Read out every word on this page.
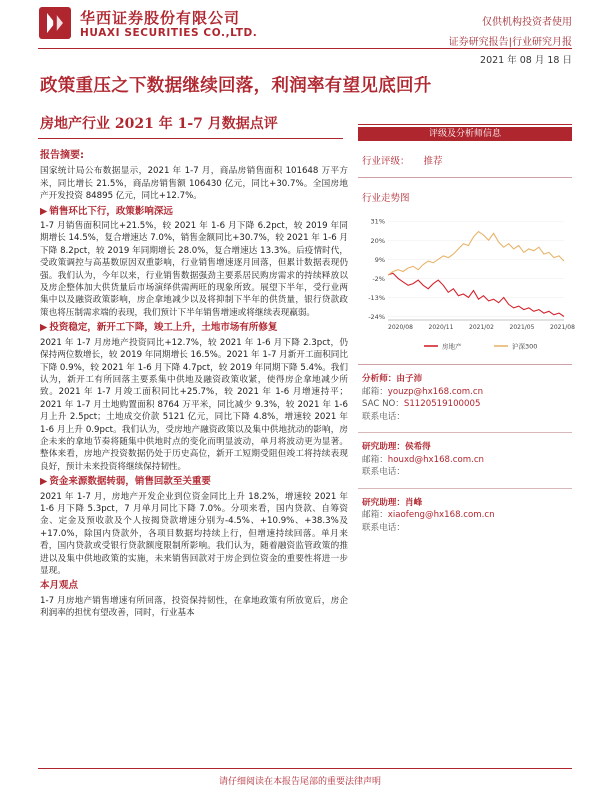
华西证券股份有限公司
HUAXI SECURITIES CO.,LTD.
仅供机构投资者使用
证券研究报告|行业研究月报
2021 年 08 月 18 日
政策重压之下数据继续回落，利润率有望见底回升
房地产行业 2021 年 1-7 月数据点评
报告摘要:

国家统计局公布数据显示，2021 年 1-7 月，商品房销售面积 101648 万平方米，同比增长 21.5%，商品房销售额 106430 亿元，同比+30.7%。全国房地产开发投资 84895 亿元，同比+12.7%。

▶ 销售环比下行，政策影响深远

1-7 月销售面积同比+21.5%，较 2021 年 1-6 月下降 6.2pct，较 2019 年同期增长 14.5%，复合增速达 7.0%，销售金额同比+30.7%，较 2021 年 1-6 月下降 8.2pct，较 2019 年同期增长 28.0%，复合增速达 13.3%。后疫情时代，受政策调控与高基数原因双重影响，行业销售增速逐月回落，但累计数据表现仍强。我们认为，今年以来，行业销售数据强劲主要系居民购房需求的持续释放以及房企整体加大供货量后市场演绎供需两旺的现象所致。展望下半年，受行业两集中以及融资政策影响，房企拿地减少以及将抑制下半年的供货量，银行贷款政策也将压制需求端的表现，我们预计下半年销售增速或将继续表现羸弱。

▶ 投资稳定，新开工下降，竣工上升，土地市场有所修复

2021 年 1-7 月房地产投资同比+12.7%，较 2021 年 1-6 月下降 2.3pct，仍保持两位数增长，较 2019 年同期增长 16.5%。2021 年 1-7 月新开工面积同比下降 0.9%，较 2021 年 1-6 月下降 4.7pct，较 2019 年同期下降 5.4%。我们认为，新开工有所回落主要系集中供地及融资政策收紧，使得房企拿地减少所致。2021 年 1-7 月竣工面积同比+25.7%，较 2021 年 1-6 月增速持平；2021 年 1-7 月土地购置面积 8764 万平米，同比减少 9.3%，较 2021 年 1-6 月上升 2.5pct；土地成交价款 5121 亿元，同比下降 4.8%，增速较 2021 年 1-6 月上升 0.9pct。我们认为，受房地产融资政策以及集中供地扰动的影响，房企未来的拿地节奏将随集中供地时点的变化而明显波动，单月将波动更为显著。整体来看，房地产投资数据仍处于历史高位，新开工短期受阻但竣工将持续表现良好，预计未来投资将继续保持韧性。

▶ 资金来源数据转弱，销售回款至关重要

2021 年 1-7 月，房地产开发企业到位资金同比上升 18.2%，增速较 2021 年 1-6 月下降 5.3pct，7 月单月同比下降 7.0%。分项来看，国内贷款、自筹资金、定金及预收款及个人按揭贷款增速分别为-4.5%、+10.9%、+38.3%及+17.0%，除国内贷款外，各项目数据均持续上行，但增速持续回落。单月来看，国内贷款或受银行贷款额度限制所影响。我们认为，随着融资监管政策的推进以及集中供地政策的实施，未来销售回款对于房企到位资金的重要性将进一步显现。

本月观点

1-7 月房地产销售增速有所回落，投资保持韧性，在拿地政策有所放宽后，房企利润率的担忧有望改善，同时，行业基本

评级及分析师信息
行业评级： 推荐
行业走势图
31%
20%
9%
-2%
-13%
-24%
2020/08	2020/11	2021/02	2021/05	2021/08
房地产	沪深300
分析师：由子沛
邮箱：youzp@hx168.com.cn
SAC NO：S1120519100005
联系电话：
研究助理：侯希得
邮箱：houxd@hx168.com.cn
联系电话：
研究助理：肖峰
邮箱：xiaofeng@hx168.com.cn
联系电话：
请仔细阅读在本报告尾部的重要法律声明
